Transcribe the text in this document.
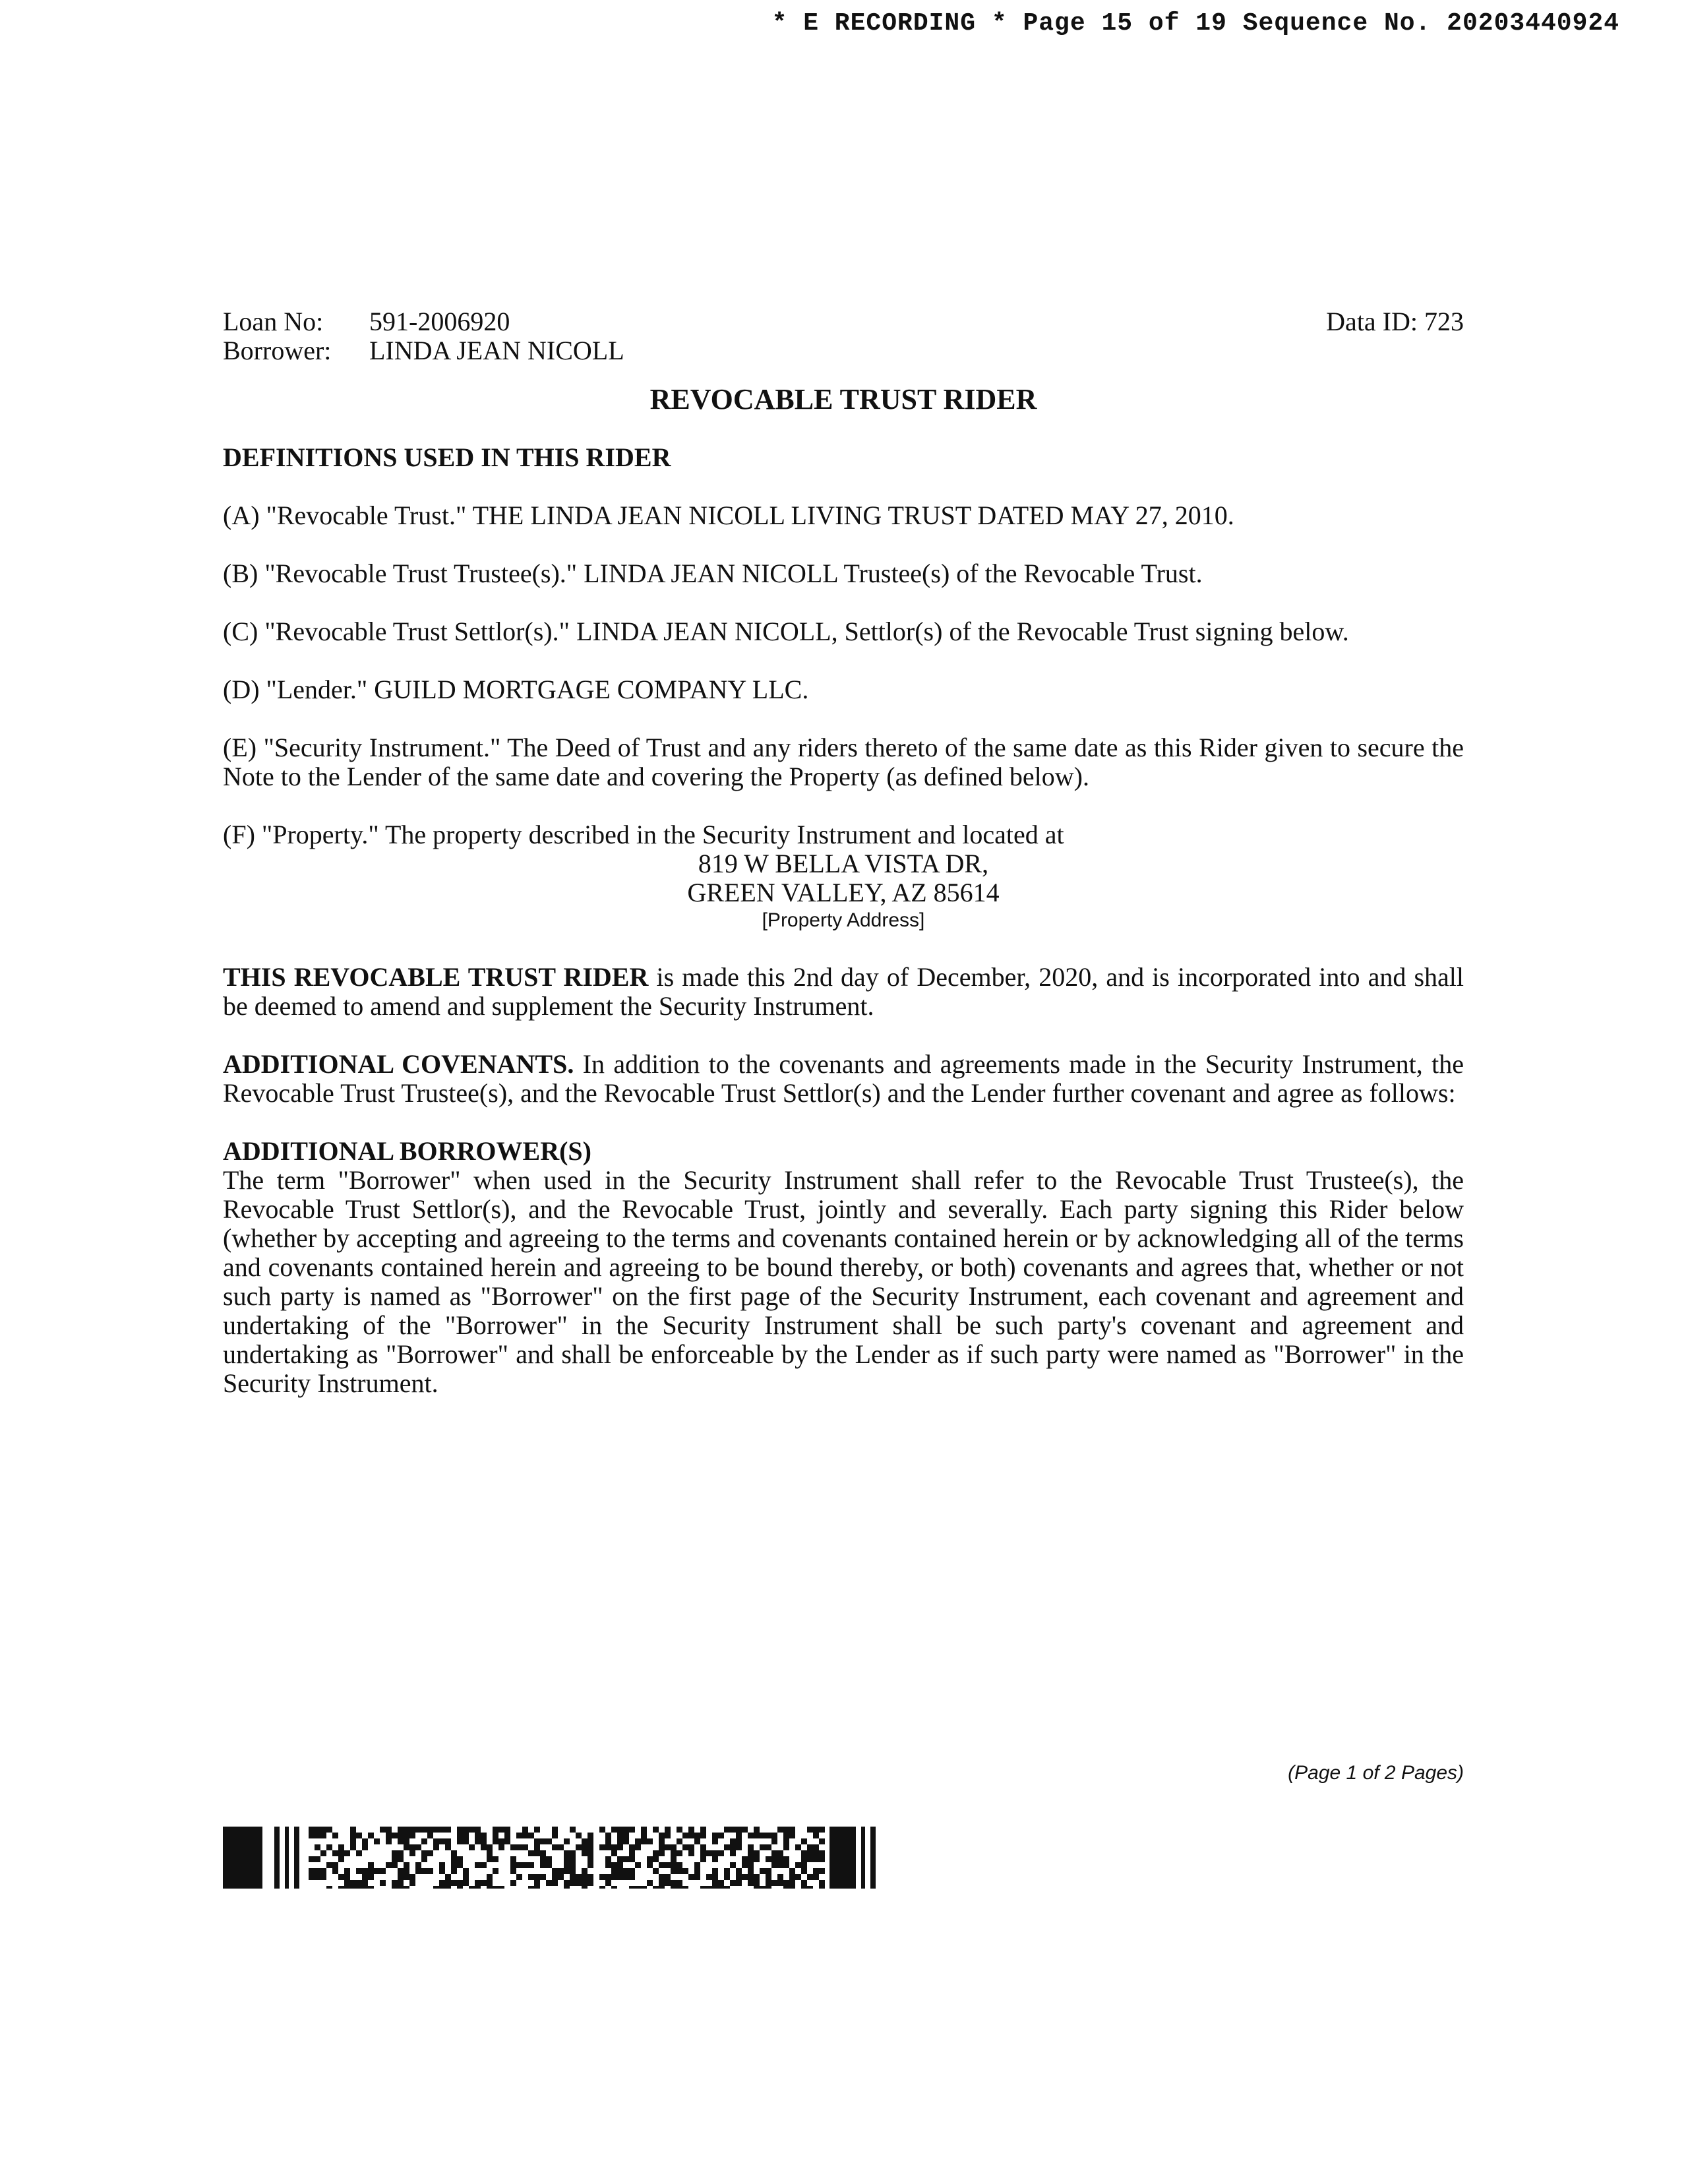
* E RECORDING * Page 15 of 19 Sequence No. 20203440924
Loan No:	591-2006920
Borrower:	LINDA JEAN NICOLL
Data ID: 723
REVOCABLE TRUST RIDER
DEFINITIONS USED IN THIS RIDER
(A) "Revocable Trust." THE LINDA JEAN NICOLL LIVING TRUST DATED MAY 27, 2010.
(B) "Revocable Trust Trustee(s)." LINDA JEAN NICOLL Trustee(s) of the Revocable Trust.
(C) "Revocable Trust Settlor(s)." LINDA JEAN NICOLL, Settlor(s) of the Revocable Trust signing below.
(D) "Lender." GUILD MORTGAGE COMPANY LLC.
(E) "Security Instrument." The Deed of Trust and any riders thereto of the same date as this Rider given to secure the Note to the Lender of the same date and covering the Property (as defined below).
(F) "Property." The property described in the Security Instrument and located at
819 W BELLA VISTA DR,
GREEN VALLEY, AZ 85614
[Property Address]
THIS REVOCABLE TRUST RIDER is made this 2nd day of December, 2020, and is incorporated into and shall be deemed to amend and supplement the Security Instrument.
ADDITIONAL COVENANTS. In addition to the covenants and agreements made in the Security Instrument, the Revocable Trust Trustee(s), and the Revocable Trust Settlor(s) and the Lender further covenant and agree as follows:
ADDITIONAL BORROWER(S)
The term "Borrower" when used in the Security Instrument shall refer to the Revocable Trust Trustee(s), the Revocable Trust Settlor(s), and the Revocable Trust, jointly and severally. Each party signing this Rider below (whether by accepting and agreeing to the terms and covenants contained herein or by acknowledging all of the terms and covenants contained herein and agreeing to be bound thereby, or both) covenants and agrees that, whether or not such party is named as "Borrower" on the first page of the Security Instrument, each covenant and agreement and undertaking of the "Borrower" in the Security Instrument shall be such party's covenant and agreement and undertaking as "Borrower" and shall be enforceable by the Lender as if such party were named as "Borrower" in the Security Instrument.
(Page 1 of 2 Pages)
